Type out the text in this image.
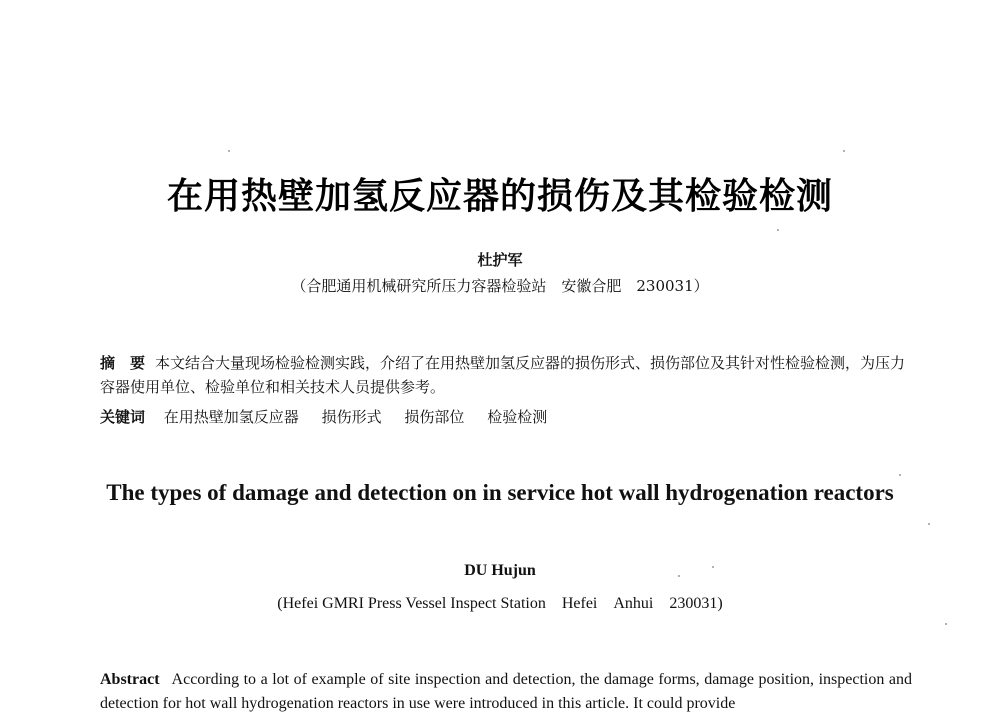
在用热壁加氢反应器的损伤及其检验检测
杜护军
（合肥通用机械研究所压力容器检验站　安徽合肥　230031）
摘　要 本文结合大量现场检验检测实践，介绍了在用热壁加氢反应器的损伤形式、损伤部位及其针对性检验检测，为压力容器使用单位、检验单位和相关技术人员提供参考。
关键词 在用热壁加氢反应器 损伤形式 损伤部位 检验检测
The types of damage and detection on in service hot wall hydrogenation reactors
DU Hujun
(Hefei GMRI Press Vessel Inspect Station　Hefei　Anhui　230031)
Abstract According to a lot of example of site inspection and detection, the damage forms, damage position, inspection and detection for hot wall hydrogenation reactors in use were introduced in this article. It could provide
